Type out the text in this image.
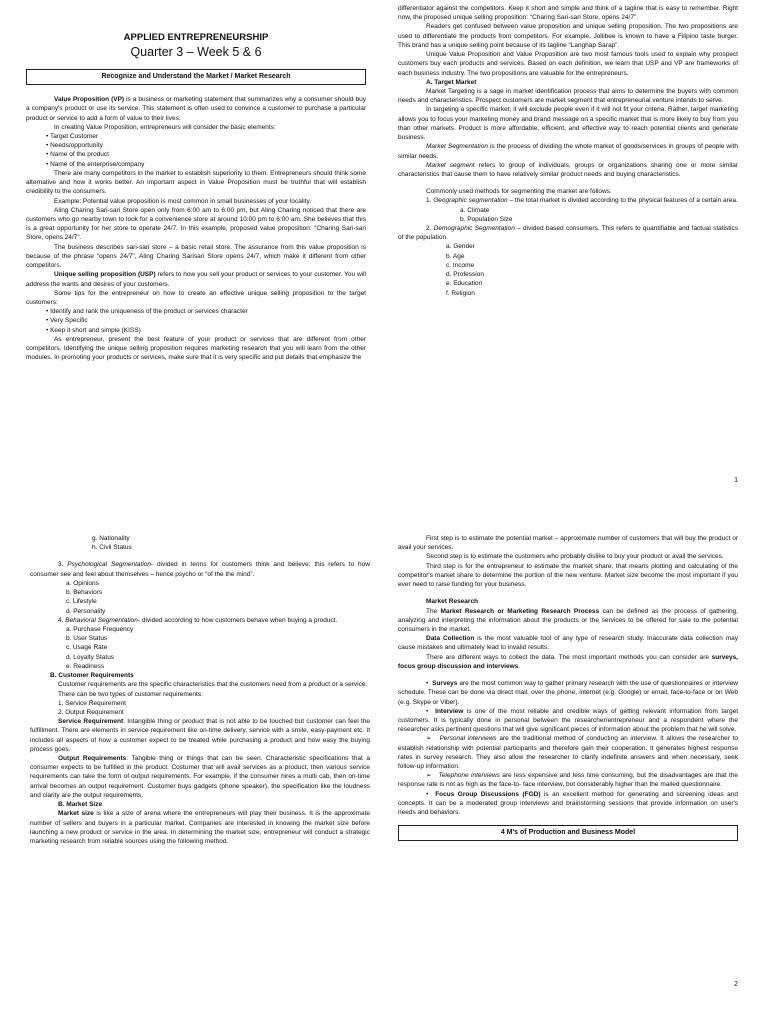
APPLIED ENTREPRENEURSHIP

Quarter 3 – Week 5 & 6

Recognize and Understand the Market / Market Research

Value Proposition (VP) is a business or marketing statement that summarizes why a consumer should buy a company's product or use its service. This statement is often used to convince a customer to purchase a particular product or service to add a form of value to their lives.

In creating Value Proposition, entrepreneurs will consider the basic elements:

• Target Customer

• Needs/opportunity

• Name of the product

• Name of the enterprise/company

There are many competitors in the market to establish superiority to them. Entrepreneurs should think some alternative and how it works better. An important aspect in Value Proposition must be truthful that will establish credibility to the consumers.

Example: Potential value proposition is most common in small businesses of your locality.

Aling Charing Sari-sari Store open only from 6:00 am to 6:00 pm, but Aling Charing noticed that there are customers who go nearby town to look for a convenience store at around 10:00 pm to 6:00 am. She believes that this is a great opportunity for her store to operate 24/7. In this example, proposed value proposition: “Charing Sari-sari Store, opens 24/7”.

The business describes sari-sari store – a basic retail store. The assurance from this value proposition is because of the phrase “opens 24/7”, Aling Charing Sarisari Store opens 24/7, which make it different from other competitors.

Unique selling proposition (USP) refers to how you sell your product or services to your customer. You will address the wants and desires of your customers.

Some tips for the entrepreneur on how to create an effective unique selling proposition to the target customers:

• Identify and rank the uniqueness of the product or services character

• Very Specific

• Keep it short and simple (KISS)

As entrepreneur, present the best feature of your product or services that are different from other competitors. Identifying the unique selling proposition requires marketing research that you will learn from the other modules. In promoting your products or services, make sure that it is very specific and put details that emphasize the

differentiator against the competitors. Keep it short and simple and think of a tagline that is easy to remember. Right now, the proposed unique selling proposition: “Charing Sari-sari Store, opens 24/7”.

Readers get confused between value proposition and unique selling proposition. The two propositions are used to differentiate the products from competitors. For example, Jollibee is known to have a Filipino taste burger. This brand has a unique selling point because of its tagline “Langhap Sarap”.

Unique Value Proposition and Value Proposition are two most famous tools used to explain why prospect customers buy each products and services. Based on each definition, we learn that USP and VP are frameworks of each business industry. The two propositions are valuable for the entrepreneurs.

A. Target Market

Market Targeting is a sage in market identification process that aims to determine the buyers with common needs and characteristics. Prospect customers are market segment that entrepreneurial venture intends to serve.

In targeting a specific market, it will exclude people even if it will not fit your criteria. Rather, target marketing allows you to focus your marketing money and brand message on a specific market that is more likely to buy from you than other markets. Product is more affordable, efficient, and effective way to reach potential clients and generate business.

Market Segmentation is the process of dividing the whole market of goods/services in groups of people with similar needs.

Market segment refers to group of individuals, groups or organizations sharing one or more similar characteristics that cause them to have relatively similar product needs and buying characteristics.

Commonly used methods for segmenting the market are follows.

1. Geographic segmentation – the total market is divided according to the physical features of a certain area.

a. Climate

b. Population Size

2. Demographic Segmentation – divided based consumers. This refers to quantifiable and factual statistics of the population.

a. Gender

b. Age

c. Income

d. Profession

e. Education

f. Religion

1

g. Nationality

h. Civil Status

3. Psychological Segmentation- divided in terms for customers think and believe; this refers to how consumer see and feel about themselves – hence psycho or “of the the mind”.

a. Opinions

b. Behaviors

c. Lifestyle

d. Personality

4. Behavioral Segmentation- divided according to how customers behave when buying a product.

a. Purchase Frequency

b. User Status

c. Usage Rate

d. Loyalty Status

e. Readiness

B. Customer Requirements

Customer requirements are the specific characteristics that the customers need from a product or a service.

There can be two types of customer requirements:

1. Service Requirement

2. Output Requirement

Service Requirement: Intangible thing or product that is not able to be touched but customer can feel the fulfillment. There are elements in service requirement like on-time delivery, service with a smile, easy-payment etc. It includes all aspects of how a customer expect to be treated while purchasing a product and how easy the buying process goes.

Output Requirements: Tangible thing or things that can be seen. Characteristic specifications that a consumer expects to be fulfilled in the product. Costumer that will avail services as a product, then various service requirements can take the form of output requirements. For example, if the consumer hires a multi cab, then on-time arrival becomes an output requirement. Customer buys gadgets (phone speaker), the specification like the loudness and clarity are the output requirements.

B. Market Size

Market size is like a size of arena where the entrepreneurs will play their business. It is the approximate number of sellers and buyers in a particular market. Companies are interested in knowing the market size before launching a new product or service in the area. In determining the market size, entrepreneur will conduct a strategic marketing research from reliable sources using the following method.

First step is to estimate the potential market – approximate number of customers that will buy the product or avail your services.

Second step is to estimate the customers who probably dislike to buy your product or avail the services.

Third step is for the entrepreneur to estimate the market share, that means plotting and calculating of the competitor's market share to determine the portion of the new venture. Market size become the most important if you ever need to raise funding for your business.

Market Research

The Market Research or Marketing Research Process can be defined as the process of gathering, analyzing and interpreting the information about the products or the services to be offered for sale to the potential consumers in the market.

Data Collection is the most valuable tool of any type of research study. Inaccurate data collection may cause mistakes and ultimately lead to invalid results.

There are different ways to collect the data. The most important methods you can consider are surveys, focus group discussion and interviews.

•  Surveys are the most common way to gather primary research with the use of questionnaires or interview schedule. These can be done via direct mail, over the phone, internet (e.g. Google) or email, face-to-face or on Web (e.g. Skype or Viber).

•  Interview is one of the most reliable and credible ways of getting relevant information from target customers. It is typically done in personal between the researcher/entrepreneur and a respondent where the researcher asks pertinent questions that will give significant pieces of information about the problem that he will solve.

➢ Personal interviews are the traditional method of conducting an interview. It allows the researcher to establish relationship with potential participants and therefore gain their cooperation. It generates highest response rates in survey research. They also allow the researcher to clarify indefinite answers and when necessary, seek follow-up information.

➢ Telephone interviews are less expensive and less time consuming, but the disadvantages are that the response rate is not as high as the face-to- face interview, but considerably higher than the mailed questionnaire.

•  Focus Group Discussions (FGD) is an excellent method for generating and screening ideas and concepts. It can be a moderated group interviews and brainstorming sessions that provide information on user's needs and behaviors.

4 M's of Production and Business Model

2
